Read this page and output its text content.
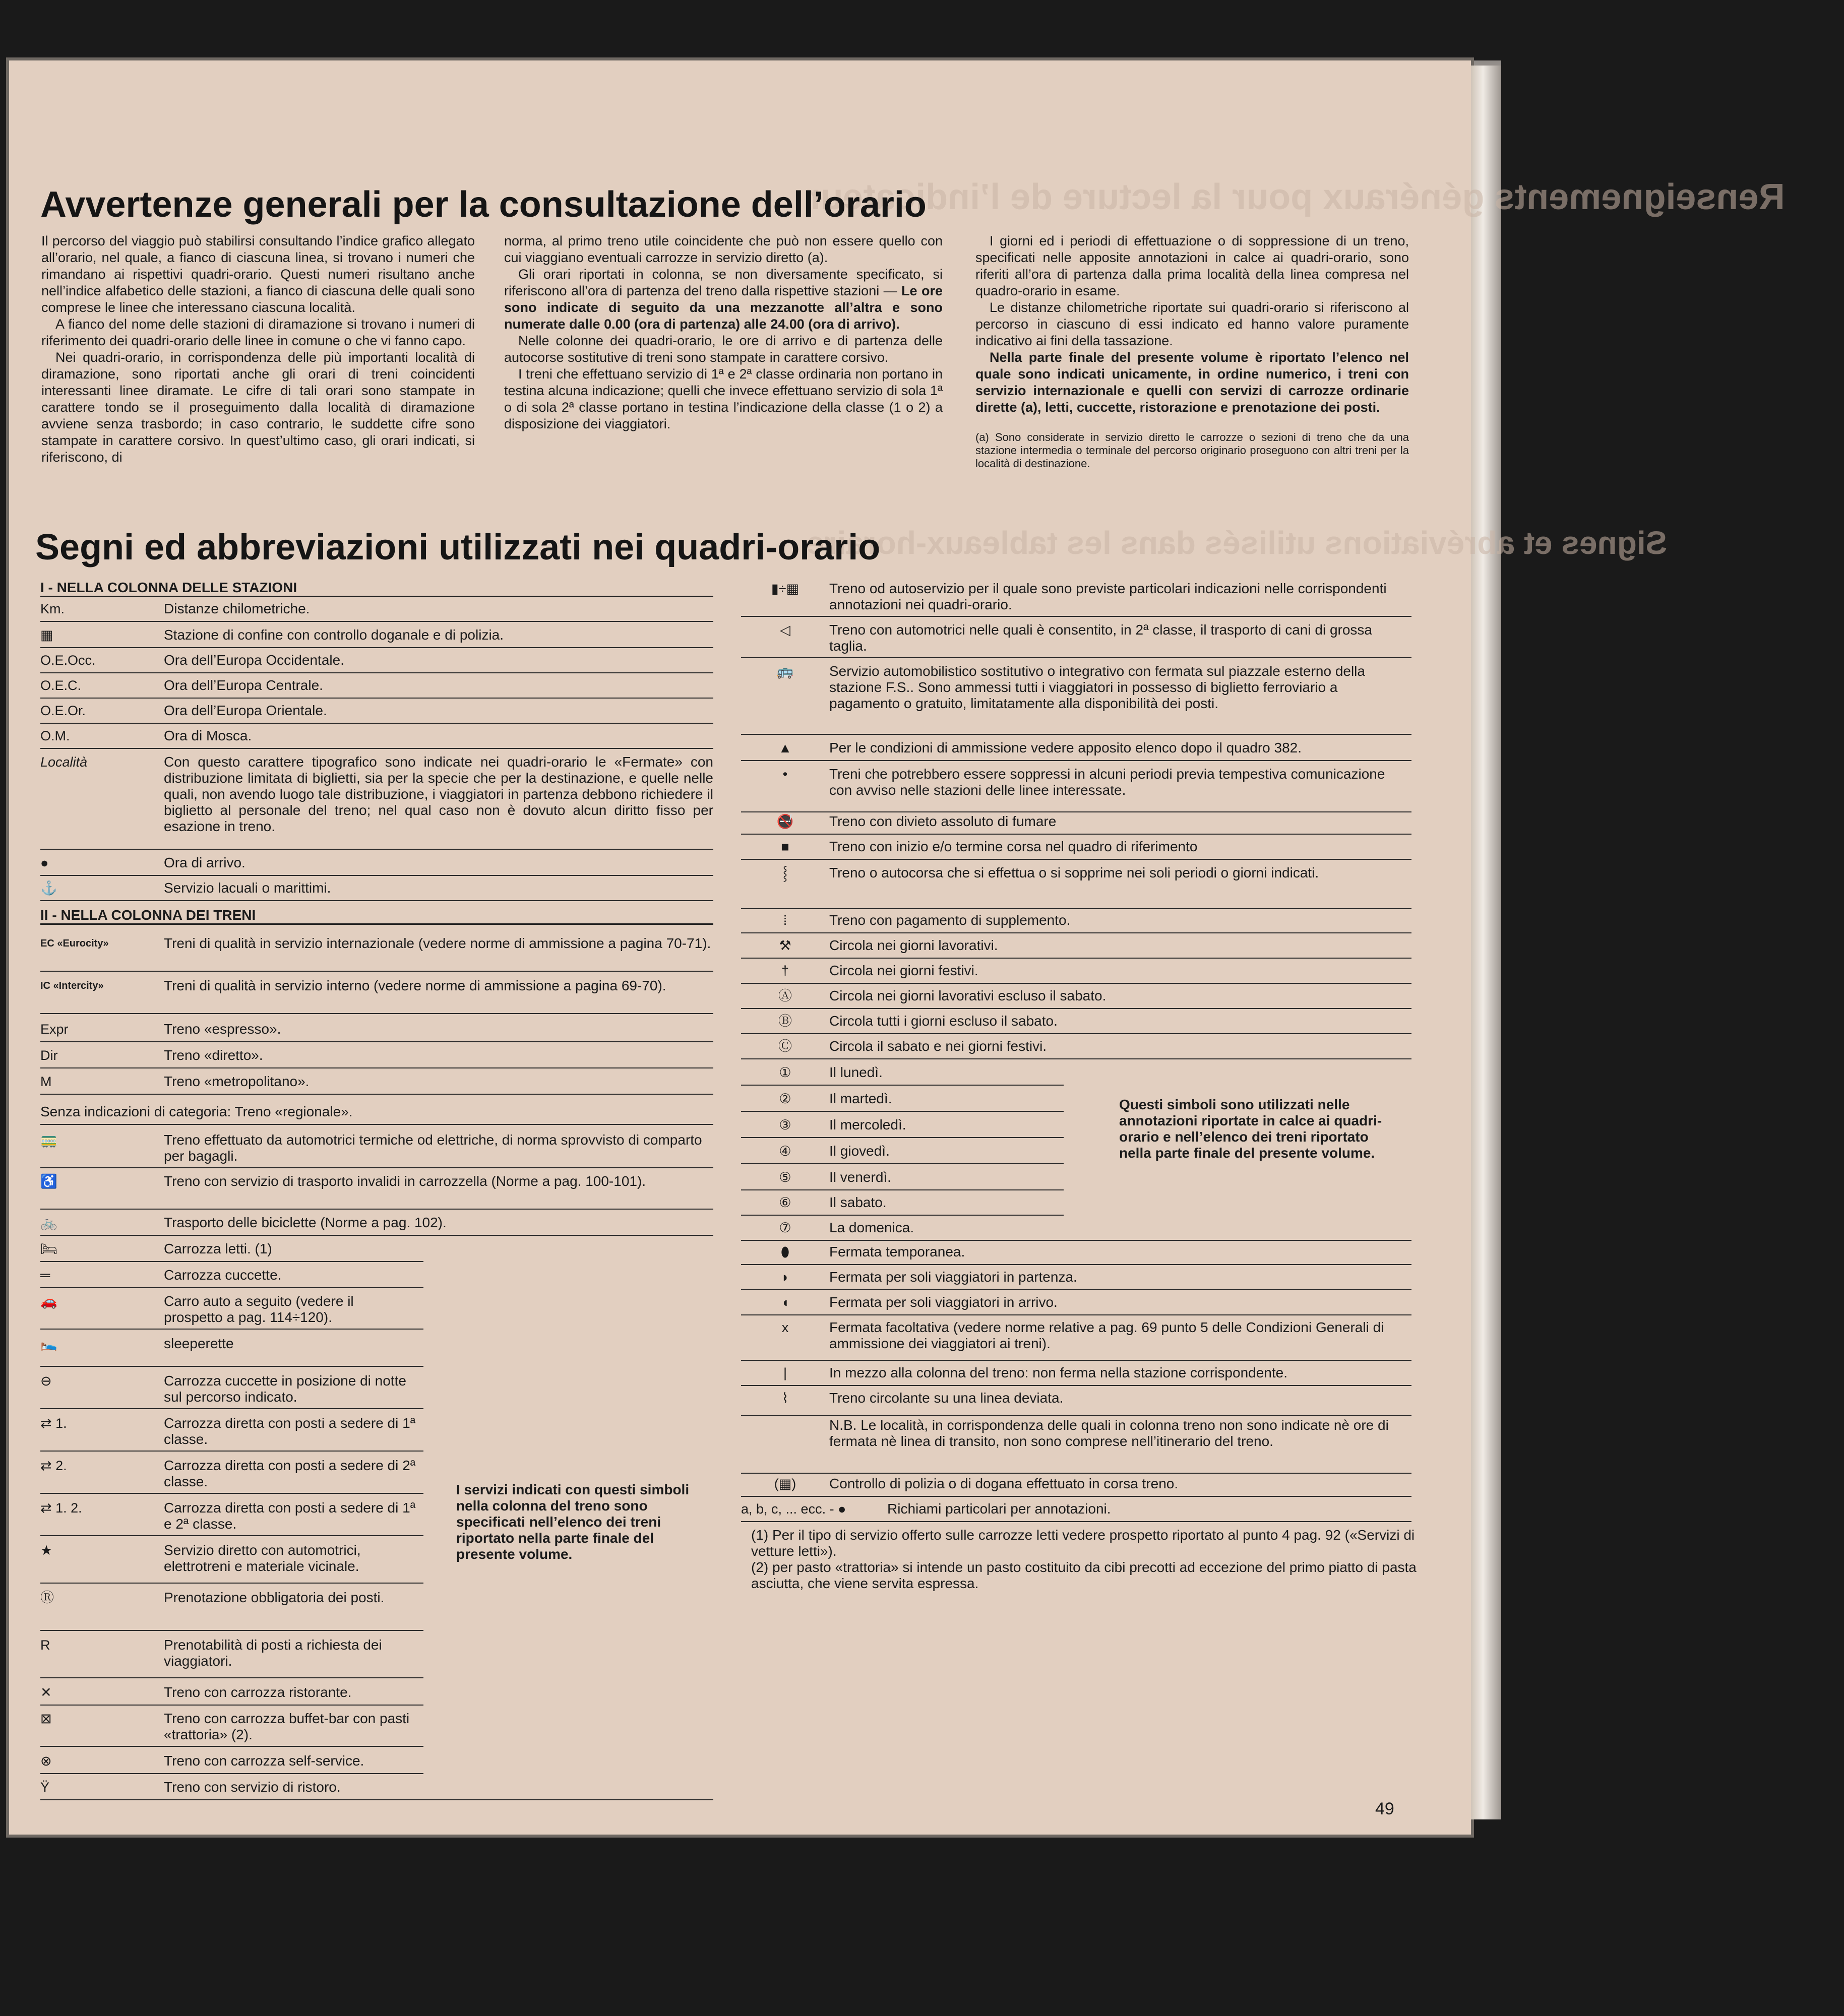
Renseignements généraux pour la lecture de l’indicateur
Signes et abréviations utilisés dans les tableaux-horaire
Avvertenze generali per la consultazione dell’orario

Il percorso del viaggio può stabilirsi consultando l’indice grafico allegato all’orario, nel quale, a fianco di ciascuna linea, si trovano i numeri che rimandano ai rispettivi quadri-orario. Questi numeri risultano anche nell’indice alfabetico delle stazioni, a fianco di ciascuna delle quali sono comprese le linee che interessano ciascuna località.

A fianco del nome delle stazioni di diramazione si trovano i numeri di riferimento dei quadri-orario delle linee in comune o che vi fanno capo.

Nei quadri-orario, in corrispondenza delle più importanti località di diramazione, sono riportati anche gli orari di treni coincidenti interessanti linee diramate. Le cifre di tali orari sono stampate in carattere tondo se il proseguimento dalla località di diramazione avviene senza trasbordo; in caso contrario, le suddette cifre sono stampate in carattere corsivo. In quest’ultimo caso, gli orari indicati, si riferiscono, di

norma, al primo treno utile coincidente che può non essere quello con cui viaggiano eventuali carrozze in servizio diretto (a).

Gli orari riportati in colonna, se non diversamente specificato, si riferiscono all’ora di partenza del treno dalla rispettive stazioni — Le ore sono indicate di seguito da una mezzanotte all’altra e sono numerate dalle 0.00 (ora di partenza) alle 24.00 (ora di arrivo).

Nelle colonne dei quadri-orario, le ore di arrivo e di partenza delle autocorse sostitutive di treni sono stampate in carattere corsivo.

I treni che effettuano servizio di 1ª e 2ª classe ordinaria non portano in testina alcuna indicazione; quelli che invece effettuano servizio di sola 1ª o di sola 2ª classe portano in testina l’indicazione della classe (1 o 2) a disposizione dei viaggiatori.

I giorni ed i periodi di effettuazione o di soppressione di un treno, specificati nelle apposite annotazioni in calce ai quadri-orario, sono riferiti all’ora di partenza dalla prima località della linea compresa nel quadro-orario in esame.

Le distanze chilometriche riportate sui quadri-orario si riferiscono al percorso in ciascuno di essi indicato ed hanno valore puramente indicativo ai fini della tassazione.

Nella parte finale del presente volume è riportato l’elenco nel quale sono indicati unicamente, in ordine numerico, i treni con servizio internazionale e quelli con servizi di carrozze ordinarie dirette (a), letti, cuccette, ristorazione e prenotazione dei posti.

(a) Sono considerate in servizio diretto le carrozze o sezioni di treno che da una stazione intermedia o terminale del percorso originario proseguono con altri treni per la località di destinazione.

Segni ed abbreviazioni utilizzati nei quadri-orario
I - NELLA COLONNA DELLE STAZIONI
Km.	Distanze chilometriche.
▦	Stazione di confine con controllo doganale e di polizia.
O.E.Occ.	Ora dell’Europa Occidentale.
O.E.C.	Ora dell’Europa Centrale.
O.E.Or.	Ora dell’Europa Orientale.
O.M.	Ora di Mosca.
Località	Con questo carattere tipografico sono indicate nei quadri-orario le «Fermate» con distribuzione limitata di biglietti, sia per la specie che per la destinazione, e quelle nelle quali, non avendo luogo tale distribuzione, i viaggiatori in partenza debbono richiedere il biglietto al personale del treno; nel qual caso non è dovuto alcun diritto fisso per esazione in treno.
●	Ora di arrivo.
⚓	Servizio lacuali o marittimi.
II - NELLA COLONNA DEI TRENI
EC «Eurocity»	Treni di qualità in servizio internazionale (vedere norme di ammissione a pagina 70-71).
IC «Intercity»	Treni di qualità in servizio interno (vedere norme di ammissione a pagina 69-70).
Expr	Treno «espresso».
Dir	Treno «diretto».
M	Treno «metropolitano».
Senza indicazioni di categoria: Treno «regionale».
🚃	Treno effettuato da automotrici termiche od elettriche, di norma sprovvisto di comparto per bagagli.
♿	Treno con servizio di trasporto invalidi in carrozzella (Norme a pag. 100-101).
🚲	Trasporto delle biciclette (Norme a pag. 102).
🛏	Carrozza letti. (1)
═	Carrozza cuccette.
🚗	Carro auto a seguito (vedere il prospetto a pag. 114÷120).
🛌	sleeperette
⊖	Carrozza cuccette in posizione di notte sul percorso indicato.
⇄ 1.	Carrozza diretta con posti a sedere di 1ª classe.
⇄ 2.	Carrozza diretta con posti a sedere di 2ª classe.
⇄ 1. 2.	Carrozza diretta con posti a sedere di 1ª e 2ª classe.
★	Servizio diretto con automotrici, elettrotreni e materiale vicinale.
Ⓡ	Prenotazione obbligatoria dei posti.
R	Prenotabilità di posti a richiesta dei viaggiatori.
✕	Treno con carrozza ristorante.
⊠	Treno con carrozza buffet-bar con pasti «trattoria» (2).
⊗	Treno con carrozza self-service.
Ÿ	Treno con servizio di ristoro.
I servizi indicati con questi simboli nella colonna del treno sono specificati nell’elenco dei treni riportato nella parte finale del presente volume.
▮÷▦	Treno od autoservizio per il quale sono previste particolari indicazioni nelle corrispondenti annotazioni nei quadri-orario.
◁	Treno con automotrici nelle quali è consentito, in 2ª classe, il trasporto di cani di grossa taglia.
🚌	Servizio automobilistico sostitutivo o integrativo con fermata sul piazzale esterno della stazione F.S.. Sono ammessi tutti i viaggiatori in possesso di biglietto ferroviario a pagamento o gratuito, limitatamente alla disponibilità dei posti.
▲	Per le condizioni di ammissione vedere apposito elenco dopo il quadro 382.
•	Treni che potrebbero essere soppressi in alcuni periodi previa tempestiva comunicazione con avviso nelle stazioni delle linee interessate.
🚭	Treno con divieto assoluto di fumare
■	Treno con inizio e/o termine corsa nel quadro di riferimento
⸾	Treno o autocorsa che si effettua o si sopprime nei soli periodi o giorni indicati.
⁞	Treno con pagamento di supplemento.
⚒	Circola nei giorni lavorativi.
†	Circola nei giorni festivi.
Ⓐ	Circola nei giorni lavorativi escluso il sabato.
Ⓑ	Circola tutti i giorni escluso il sabato.
Ⓒ	Circola il sabato e nei giorni festivi.
①	Il lunedì.
②	Il martedì.
③	Il mercoledì.
④	Il giovedì.
⑤	Il venerdì.
⑥	Il sabato.
⑦	La domenica.
⬮	Fermata temporanea.
◗	Fermata per soli viaggiatori in partenza.
◖	Fermata per soli viaggiatori in arrivo.
x	Fermata facoltativa (vedere norme relative a pag. 69 punto 5 delle Condizioni Generali di ammissione dei viaggiatori ai treni).
|	In mezzo alla colonna del treno: non ferma nella stazione corrispondente.
⌇	Treno circolante su una linea deviata.
N.B. Le località, in corrispondenza delle quali in colonna treno non sono indicate nè ore di fermata nè linea di transito, non sono comprese nell’itinerario del treno.
(▦)	Controllo di polizia o di dogana effettuato in corsa treno.
a, b, c, ... ecc. - ●	Richiami particolari per annotazioni.
Questi simboli sono utilizzati nelle annotazioni riportate in calce ai quadri-orario e nell’elenco dei treni riportato nella parte finale del presente volume.

(1) Per il tipo di servizio offerto sulle carrozze letti vedere prospetto riportato al punto 4 pag. 92 («Servizi di vetture letti»).

(2) per pasto «trattoria» si intende un pasto costituito da cibi precotti ad eccezione del primo piatto di pasta asciutta, che viene servita espressa.

49
